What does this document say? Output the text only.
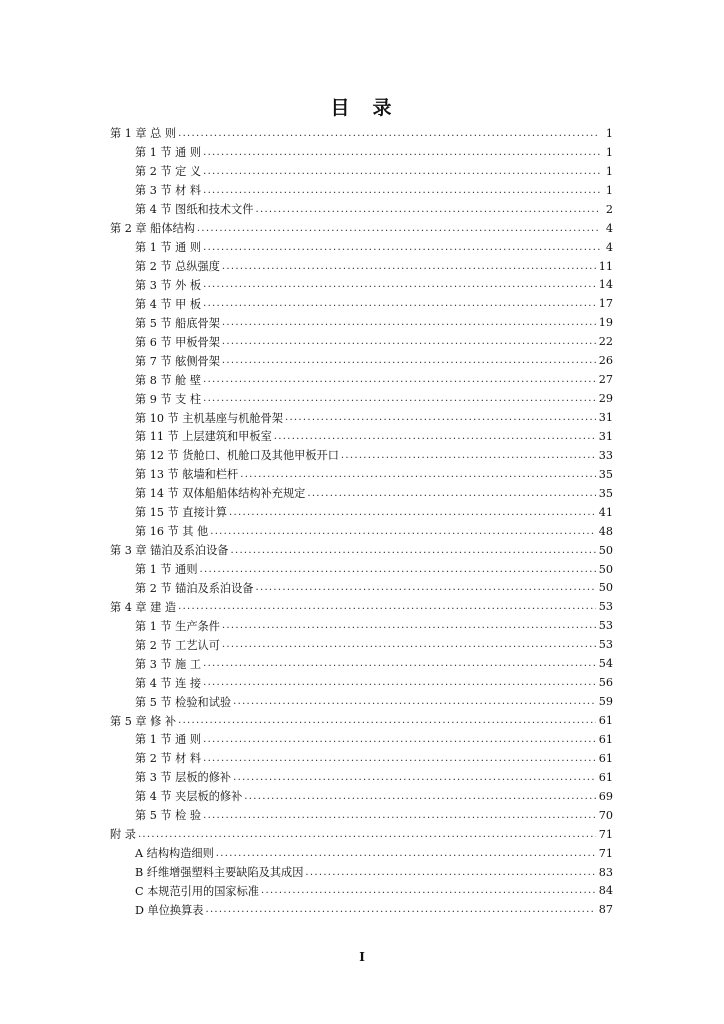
目　录
第 1 章 总 则 .....	1
第 1 节 通 则 .....	1
第 2 节 定 义 .....	1
第 3 节 材 料 .....	1
第 4 节 图纸和技术文件 .....	2
第 2 章 船体结构 .....	4
第 1 节 通 则 .....	4
第 2 节 总纵强度 .....	11
第 3 节 外 板 .....	14
第 4 节 甲 板 .....	17
第 5 节 船底骨架 .....	19
第 6 节 甲板骨架 .....	22
第 7 节 舷侧骨架 .....	26
第 8 节 舱 壁 .....	27
第 9 节 支 柱 .....	29
第 10 节 主机基座与机舱骨架 .....	31
第 11 节 上层建筑和甲板室 .....	31
第 12 节 货舱口、机舱口及其他甲板开口 .....	33
第 13 节 舷墙和栏杆 .....	35
第 14 节 双体船船体结构补充规定 .....	35
第 15 节 直接计算 .....	41
第 16 节 其 他 .....	48
第 3 章 锚泊及系泊设备 .....	50
第 1 节 通则 .....	50
第 2 节 锚泊及系泊设备 .....	50
第 4 章 建 造 .....	53
第 1 节 生产条件 .....	53
第 2 节 工艺认可 .....	53
第 3 节 施 工 .....	54
第 4 节 连 接 .....	56
第 5 节 检验和试验 .....	59
第 5 章 修 补 .....	61
第 1 节 通 则 .....	61
第 2 节 材 料 .....	61
第 3 节 层板的修补 .....	61
第 4 节 夹层板的修补 .....	69
第 5 节 检 验 .....	70
附 录 .....	71
A 结构构造细则 .....	71
B 纤维增强塑料主要缺陷及其成因 .....	83
C 本规范引用的国家标准 .....	84
D 单位换算表 .....	87
I
